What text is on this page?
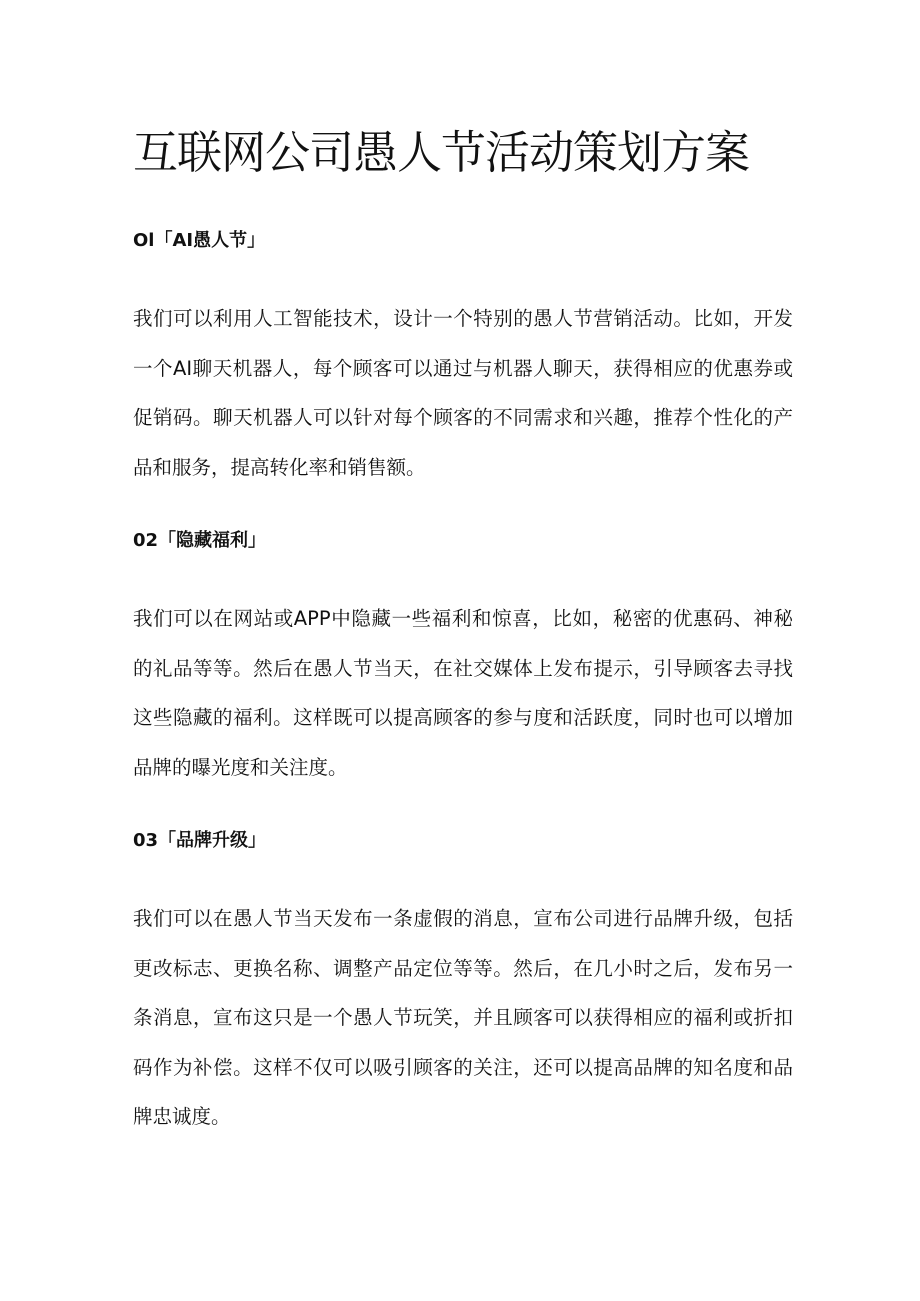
互联网公司愚人节活动策划方案
Ol「AI愚人节」

我们可以利用人工智能技术，设计一个特别的愚人节营销活动。比如，开发一个AI聊天机器人，每个顾客可以通过与机器人聊天，获得相应的优惠券或促销码。聊天机器人可以针对每个顾客的不同需求和兴趣，推荐个性化的产品和服务，提高转化率和销售额。

02「隐藏福利」

我们可以在网站或APP中隐藏一些福利和惊喜，比如，秘密的优惠码、神秘的礼品等等。然后在愚人节当天，在社交媒体上发布提示，引导顾客去寻找这些隐藏的福利。这样既可以提高顾客的参与度和活跃度，同时也可以增加品牌的曝光度和关注度。

03「品牌升级」

我们可以在愚人节当天发布一条虚假的消息，宣布公司进行品牌升级，包括更改标志、更换名称、调整产品定位等等。然后，在几小时之后，发布另一条消息，宣布这只是一个愚人节玩笑，并且顾客可以获得相应的福利或折扣码作为补偿。这样不仅可以吸引顾客的关注，还可以提高品牌的知名度和品牌忠诚度。
